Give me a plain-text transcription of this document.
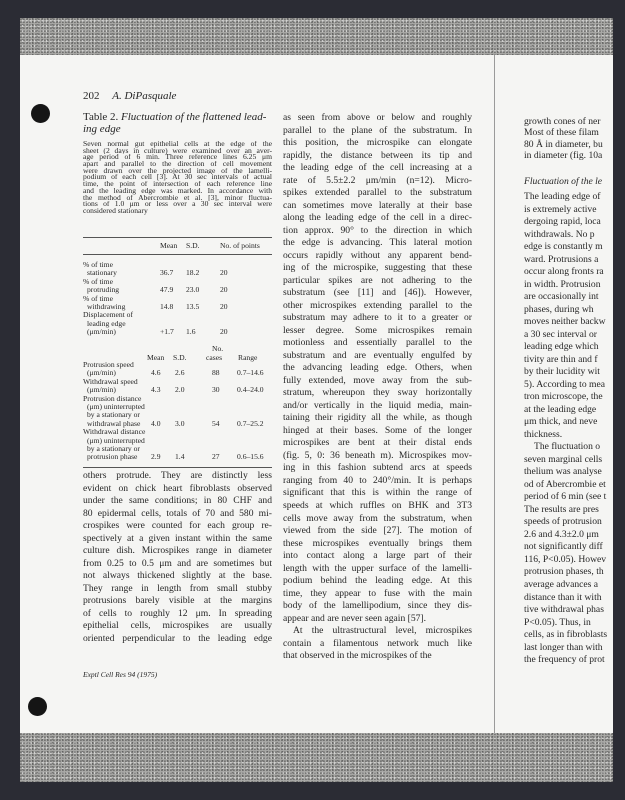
202 A. DiPasquale
Table 2. Fluctuation of the flattened lead-
ing edge
Seven normal gut epithelial cells at the edge of the
sheet (2 days in culture) were examined over an aver-
age period of 6 min. Three reference lines 6.25 μm
apart and parallel to the direction of cell movement
were drawn over the projected image of the lamelli-
podium of each cell [3]. At 30 sec intervals of actual
time, the point of intersection of each reference line
and the leading edge was marked. In accordance with
the method of Abercrombie et al. [3], minor fluctua-
tions of 1.0 μm or less over a 30 sec interval were
considered stationary
Mean S.D.	No. of points
% of time
stationary	36.7 18.2	20
% of time
protruding	47.9 23.0	20
% of time
withdrawing	14.8 13.5	20
Displacement of
leading edge
(μm/min)	+1.7 1.6	20
No.
Mean S.D.	cases Range
Protrusion speed
(μm/min)	4.6 2.6	88 0.7–14.6
Withdrawal speed
(μm/min)	4.3 2.0	30 0.4–24.0
Protrusion distance
(μm) uninterrupted
by a stationary or
withdrawal phase	4.0 3.0	54 0.7–25.2
Withdrawal distance
(μm) uninterrupted
by a stationary or
protrusion phase	2.9 1.4	27 0.6–15.6
others protrude. They are distinctly less
evident on chick heart fibroblasts observed
under the same conditions; in 80 CHF and
80 epidermal cells, totals of 70 and 580 mi-
crospikes were counted for each group re-
spectively at a given instant within the same
culture dish. Microspikes range in diameter
from 0.25 to 0.5 μm and are sometimes but
not always thickened slightly at the base.
They range in length from small stubby
protrusions barely visible at the margins
of cells to roughly 12 μm. In spreading
epithelial cells, microspikes are usually
oriented perpendicular to the leading edge
as seen from above or below and roughly
parallel to the plane of the substratum. In
this position, the microspike can elongate
rapidly, the distance between its tip and
the leading edge of the cell increasing at a
rate of 5.5±2.2 μm/min (n=12). Micro-
spikes extended parallel to the substratum
can sometimes move laterally at their base
along the leading edge of the cell in a direc-
tion approx. 90° to the direction in which
the edge is advancing. This lateral motion
occurs rapidly without any apparent bend-
ing of the microspike, suggesting that these
particular spikes are not adhering to the
substratum (see [11] and [46]). However,
other microspikes extending parallel to the
substratum may adhere to it to a greater or
lesser degree. Some microspikes remain
motionless and essentially parallel to the
substratum and are eventually engulfed by
the advancing leading edge. Others, when
fully extended, move away from the sub-
stratum, whereupon they sway horizontally
and/or vertically in the liquid media, main-
taining their rigidity all the while, as though
hinged at their bases. Some of the longer
microspikes are bent at their distal ends
(fig. 5, 0: 36 beneath m). Microspikes mov-
ing in this fashion subtend arcs at speeds
ranging from 40 to 240°/min. It is perhaps
significant that this is within the range of
speeds at which ruffles on BHK and 3T3
cells move away from the substratum, when
viewed from the side [27]. The motion of
these microspikes eventually brings them
into contact along a large part of their
length with the upper surface of the lamelli-
podium behind the leading edge. At this
time, they appear to fuse with the main
body of the lamellipodium, since they dis-
appear and are never seen again [57].
At the ultrastructural level, microspikes
contain a filamentous network much like
that observed in the microspikes of the
growth cones of ner
Most of these filam
80 Å in diameter, bu
in diameter (fig. 10a
Fluctuation of the le
The leading edge of
is extremely active
dergoing rapid, loca
withdrawals. No p
edge is constantly m
ward. Protrusions a
occur along fronts ra
in width. Protrusion
are occasionally int
phases, during wh
moves neither backw
a 30 sec interval or
leading edge which
tivity are thin and f
by their lucidity wit
5). According to mea
tron microscope, the
at the leading edge
μm thick, and neve
thickness.
The fluctuation o
seven marginal cells
thelium was analyse
od of Abercrombie et
period of 6 min (see t
The results are pres
speeds of protrusion
2.6 and 4.3±2.0 μm
not significantly diff
116, P<0.05). Howev
protrusion phases, th
average advances a
distance than it with
tive withdrawal phas
P<0.05). Thus, in
cells, as in fibroblasts
last longer than with
the frequency of prot
Exptl Cell Res 94 (1975)
